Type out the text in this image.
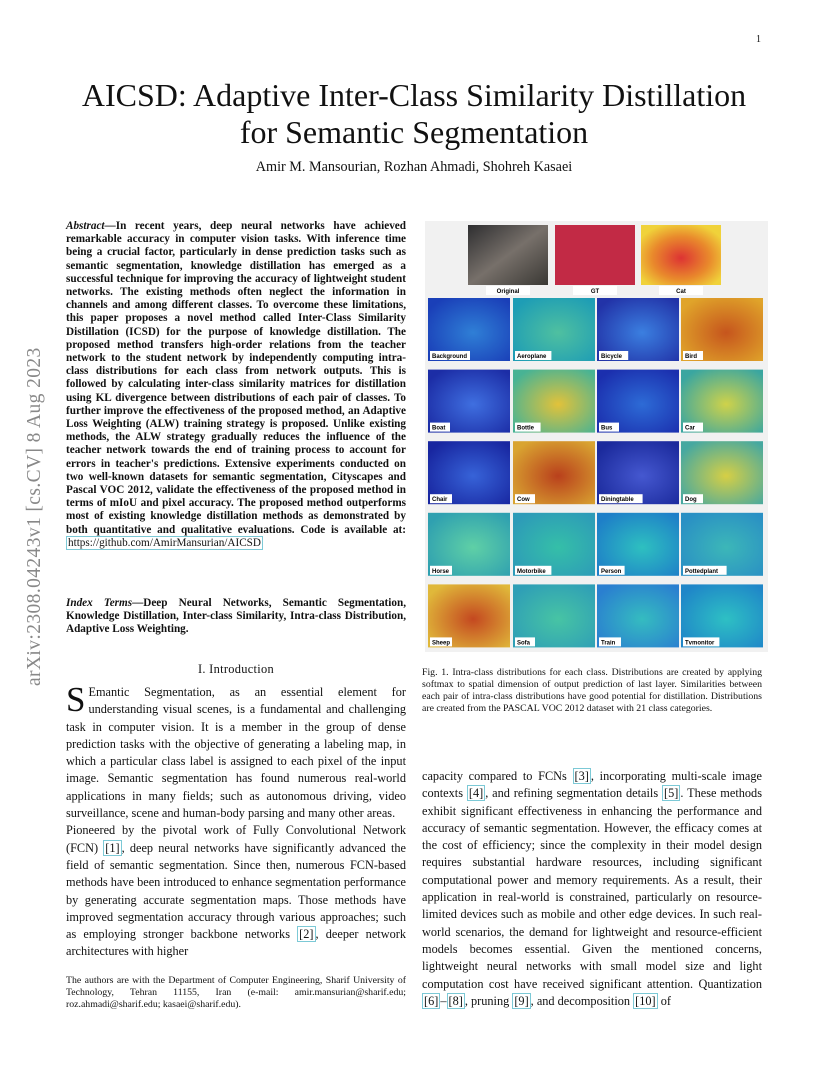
1
arXiv:2308.04243v1 [cs.CV] 8 Aug 2023
AICSD: Adaptive Inter-Class Similarity Distillation
for Semantic Segmentation
Amir M. Mansourian, Rozhan Ahmadi, Shohreh Kasaei
Abstract—In recent years, deep neural networks have achieved remarkable accuracy in computer vision tasks. With inference time being a crucial factor, particularly in dense prediction tasks such as semantic segmentation, knowledge distillation has emerged as a successful technique for improving the accuracy of lightweight student networks. The existing methods often neglect the information in channels and among different classes. To overcome these limitations, this paper proposes a novel method called Inter-Class Similarity Distillation (ICSD) for the purpose of knowledge distillation. The proposed method transfers high-order relations from the teacher network to the student network by independently computing intra-class distributions for each class from network outputs. This is followed by calculating inter-class similarity matrices for distillation using KL divergence between distributions of each pair of classes. To further improve the effectiveness of the proposed method, an Adaptive Loss Weighting (ALW) training strategy is proposed. Unlike existing methods, the ALW strategy gradually reduces the influence of the teacher network towards the end of training process to account for errors in teacher's predictions. Extensive experiments conducted on two well-known datasets for semantic segmentation, Cityscapes and Pascal VOC 2012, validate the effectiveness of the proposed method in terms of mIoU and pixel accuracy. The proposed method outperforms most of existing knowledge distillation methods as demonstrated by both quantitative and qualitative evaluations. Code is available at: https://github.com/AmirMansurian/AICSD
Index Terms—Deep Neural Networks, Semantic Segmentation, Knowledge Distillation, Inter-class Similarity, Intra-class Distribution, Adaptive Loss Weighting.
I. Introduction

S Emantic Segmentation, as an essential element for understanding visual scenes, is a fundamental and challenging task in computer vision. It is a member in the group of dense prediction tasks with the objective of generating a labeling map, in which a particular class label is assigned to each pixel of the input image. Semantic segmentation has found numerous real-world applications in many fields; such as autonomous driving, video surveillance, scene and human-body parsing and many other areas.

Pioneered by the pivotal work of Fully Convolutional Network (FCN) [1] , deep neural networks have significantly advanced the field of semantic segmentation. Since then, numerous FCN-based methods have been introduced to enhance segmentation performance by generating accurate segmentation maps. Those methods have improved segmentation accuracy through various approaches; such as employing stronger backbone networks [2] , deeper network architectures with higher

The authors are with the Department of Computer Engineering, Sharif University of Technology, Tehran 11155, Iran (e-mail: amir.mansurian@sharif.edu; roz.ahmadi@sharif.edu; kasaei@sharif.edu).
Original	GT	Cat
Background	Aeroplane	Bicycle	Bird
Boat	Bottle	Bus	Car
Chair	Cow	Diningtable	Dog
Horse	Motorbike	Person	Pottedplant
Sheep	Sofa	Train	Tvmonitor
Fig. 1. Intra-class distributions for each class. Distributions are created by applying softmax to spatial dimension of output prediction of last layer. Similarities between each pair of intra-class distributions have good potential for distillation. Distributions are created from the PASCAL VOC 2012 dataset with 21 class categories.
capacity compared to FCNs [3] , incorporating multi-scale image contexts [4] , and refining segmentation details [5] . These methods exhibit significant effectiveness in enhancing the performance and accuracy of semantic segmentation. However, the efficacy comes at the cost of efficiency; since the complexity in their model design requires substantial hardware resources, including significant computational power and memory requirements. As a result, their application in real-world is constrained, particularly on resource-limited devices such as mobile and other edge devices. In such real-world scenarios, the demand for lightweight and resource-efficient models becomes essential. Given the mentioned concerns, lightweight neural networks with small model size and light computation cost have received significant attention. Quantization [6] – [8] , pruning [9] , and decomposition [10] of
